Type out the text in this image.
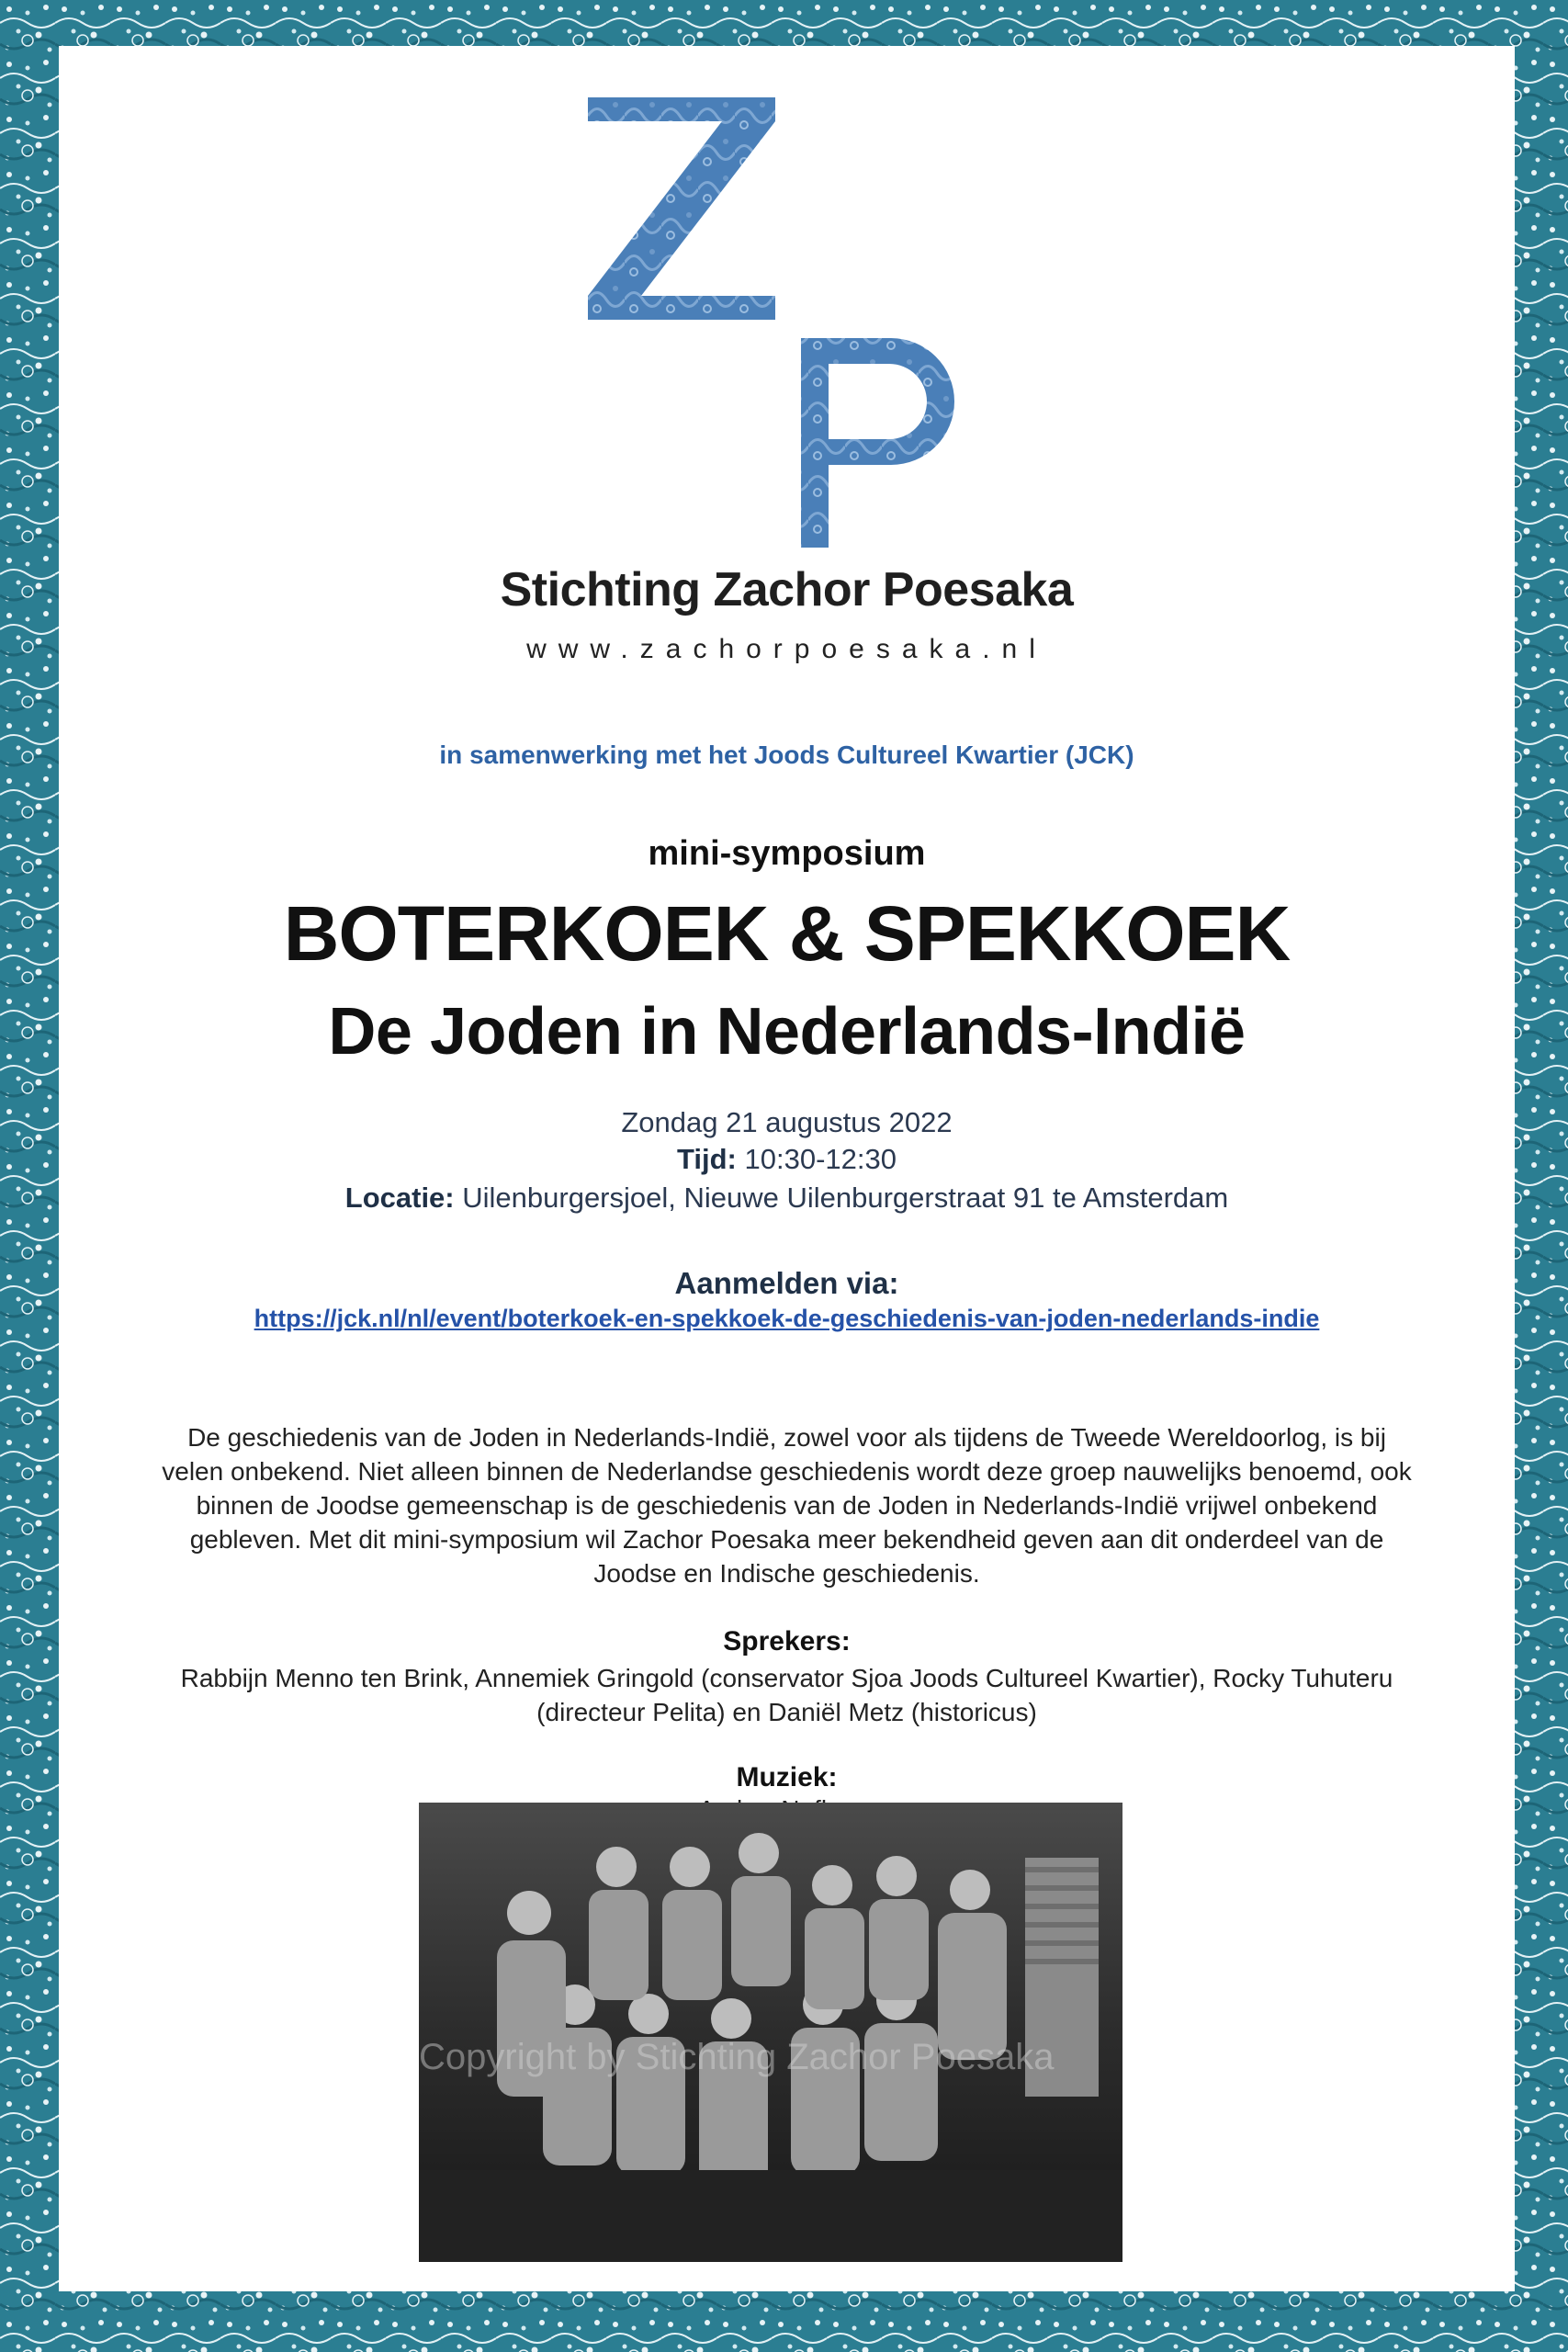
Stichting Zachor Poesaka

www.zachorpoesaka.nl

in samenwerking met het Joods Cultureel Kwartier (JCK)

mini-symposium

BOTERKOEK & SPEKKOEK

De Joden in Nederlands-Indië

Zondag 21 augustus 2022

Tijd: 10:30-12:30

Locatie: Uilenburgersjoel, Nieuwe Uilenburgerstraat 91 te Amsterdam

Aanmelden via:

https://jck.nl/nl/event/boterkoek-en-spekkoek-de-geschiedenis-van-joden-nederlands-indie

De geschiedenis van de Joden in Nederlands-Indië, zowel voor als tijdens de Tweede Wereldoorlog, is bij velen onbekend. Niet alleen binnen de Nederlandse geschiedenis wordt deze groep nauwelijks benoemd, ook binnen de Joodse gemeenschap is de geschiedenis van de Joden in Nederlands-Indië vrijwel onbekend gebleven. Met dit mini-symposium wil Zachor Poesaka meer bekendheid geven aan dit onderdeel van de Joodse en Indische geschiedenis.

Sprekers:

Rabbijn Menno ten Brink, Annemiek Gringold (conservator Sjoa Joods Cultureel Kwartier), Rocky Tuhuteru (directeur Pelita) en Daniël Metz (historicus)

Muziek:

Copyright by Stichting Zachor Poesaka
